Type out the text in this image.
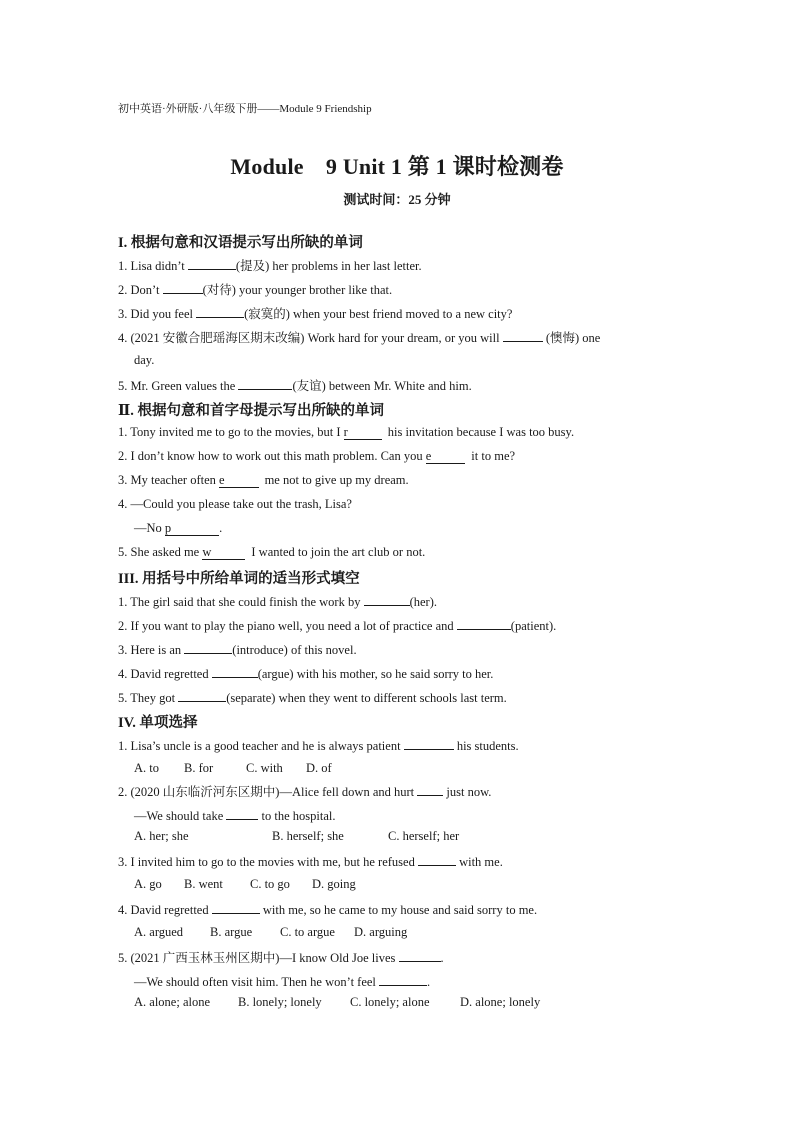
初中英语·外研版·八年级下册——Module 9 Friendship
Module　9 Unit 1 第 1 课时检测卷
测试时间：25 分钟
I. 根据句意和汉语提示写出所缺的单词
1. Lisa didn’t	(提及) her problems in her last letter.
2. Don’t	(对待) your younger brother like that.
3. Did you feel	(寂寞的) when your best friend moved to a new city?
4. (2021 安徽合肥瑶海区期末改编) Work hard for your dream, or you will	(懊悔) one
day.
5. Mr. Green values the	(友谊) between Mr. White and him.
Ⅱ. 根据句意和首字母提示写出所缺的单词
1. Tony invited me to go to the movies, but I r	his invitation because I was too busy.
2. I don’t know how to work out this math problem. Can you e	it to me?
3. My teacher often e	me not to give up my dream.
4. —Could you please take out the trash, Lisa?
—No p	.
5. She asked me w	I wanted to join the art club or not.
III. 用括号中所给单词的适当形式填空
1. The girl said that she could finish the work by	(her).
2. If you want to play the piano well, you need a lot of practice and	(patient).
3. Here is an	(introduce) of this novel.
4. David regretted	(argue) with his mother, so he said sorry to her.
5. They got	(separate) when they went to different schools last term.
IV. 单项选择
1. Lisa’s uncle is a good teacher and he is always patient	his students.
A. to B. for	C. with D. of
2. (2020 山东临沂河东区期中)—Alice fell down and hurt  just now.
—We should take	to the hospital.
A. her; she	B. herself; she	C. herself; her
3. I invited him to go to the movies with me, but he refused	with me.
A. go B. went C. to go D. going
4. David regretted	with me, so he came to my house and said sorry to me.
A. argued B. argue C. to argue D. arguing
5. (2021 广西玉林玉州区期中)—I know Old Joe lives	.
—We should often visit him. Then he won’t feel	.
A. alone; alone B. lonely; lonely C. lonely; alone D. alone; lonely
